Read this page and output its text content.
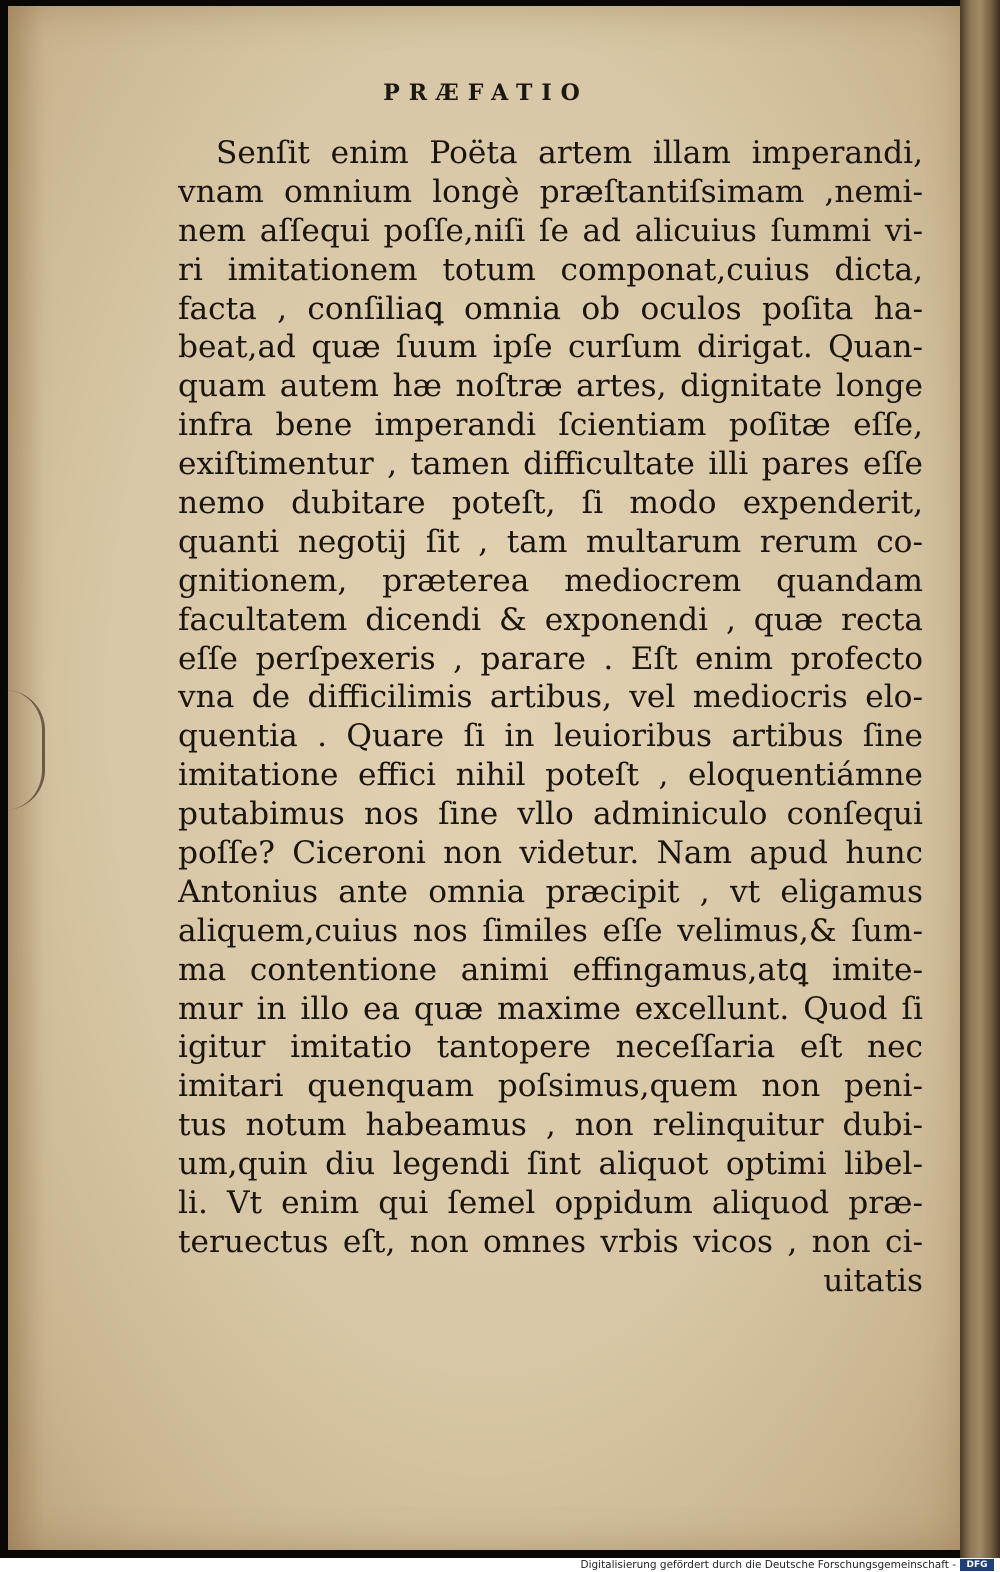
PRÆFATIO
Senſit enim Poëta artem illam imperandi,
vnam omnium longè præſtantiſsimam ,nemi-
nem aſſequi poſſe,niſi ſe ad alicuius ſummi vi-
ri imitationem totum componat,cuius dicta,
facta , conſiliaꝗ omnia ob oculos poſita ha-
beat,ad quæ ſuum ipſe curſum dirigat. Quan-
quam autem hæ noſtræ artes, dignitate longe
infra bene imperandi ſcientiam poſitæ eſſe,
exiſtimentur , tamen difficultate illi pares eſſe
nemo dubitare poteſt, ſi modo expenderit,
quanti negotij ſit , tam multarum rerum co-
gnitionem, præterea mediocrem quandam
facultatem dicendi & exponendi , quæ recta
eſſe perſpexeris , parare . Eſt enim profecto
vna de difficilimis artibus, vel mediocris elo-
quentia . Quare ſi in leuioribus artibus ſine
imitatione effici nihil poteſt , eloquentiámne
putabimus nos ſine vllo adminiculo conſequi
poſſe? Ciceroni non videtur. Nam apud hunc
Antonius ante omnia præcipit , vt eligamus
aliquem,cuius nos ſimiles eſſe velimus,& ſum-
ma contentione animi effingamus,atꝗ imite-
mur in illo ea quæ maxime excellunt. Quod ſi
igitur imitatio tantopere neceſſaria eſt nec
imitari quenquam poſsimus,quem non peni-
tus notum habeamus , non relinquitur dubi-
um,quin diu legendi ſint aliquot optimi libel-
li. Vt enim qui ſemel oppidum aliquod præ-
teruectus eſt, non omnes vrbis vicos , non ci-
uitatis
Digitalisierung gefördert durch die Deutsche Forschungsgemeinschaft -	DFG
